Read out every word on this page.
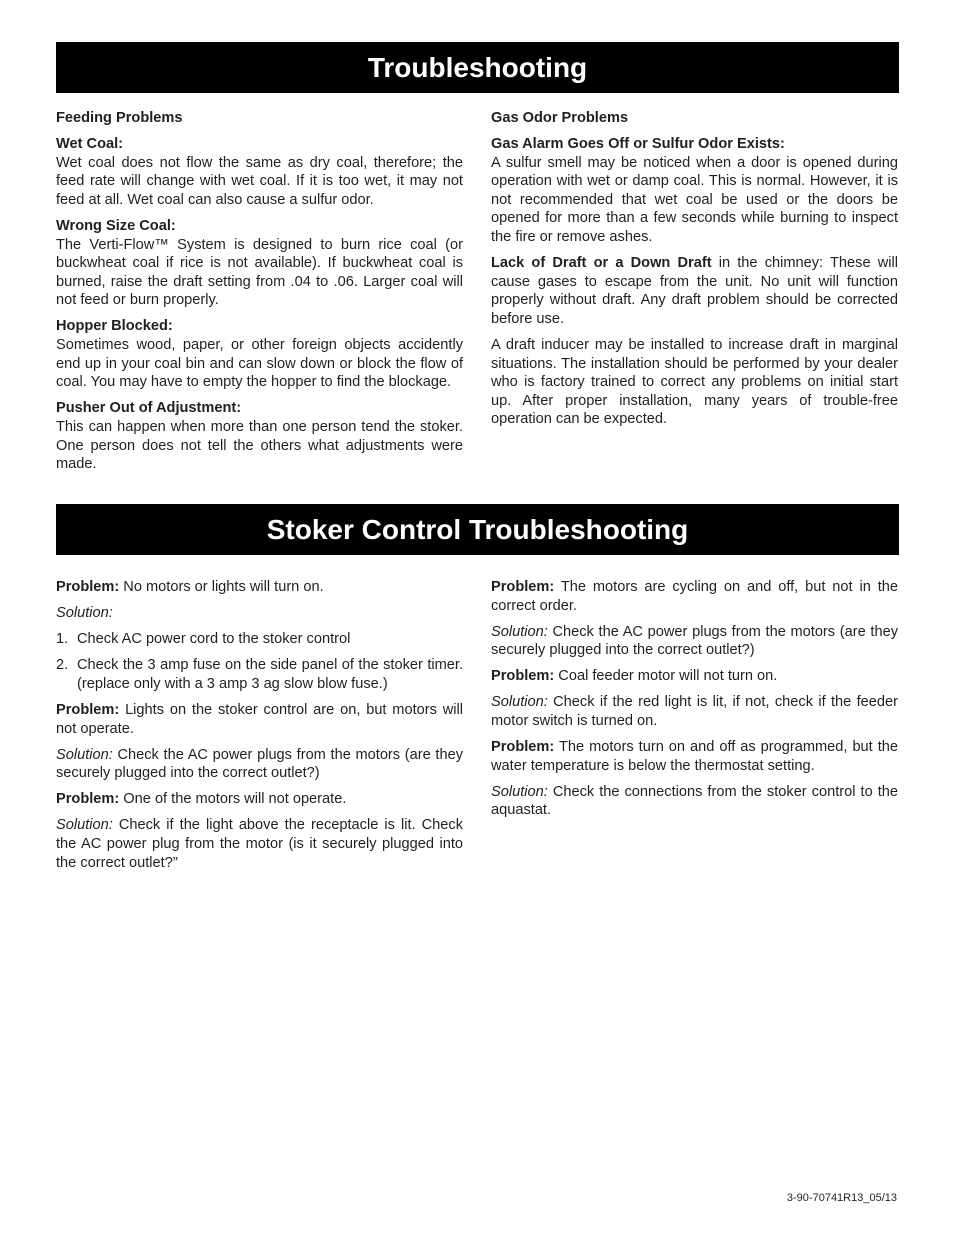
Troubleshooting

Feeding Problems

Wet Coal:
Wet coal does not flow the same as dry coal, therefore; the feed rate will change with wet coal. If it is too wet, it may not feed at all. Wet coal can also cause a sulfur odor.

Wrong Size Coal:
The Verti-Flow™ System is designed to burn rice coal (or buckwheat coal if rice is not available). If buckwheat coal is burned, raise the draft setting from .04 to .06. Larger coal will not feed or burn properly.

Hopper Blocked:
Sometimes wood, paper, or other foreign objects accidently end up in your coal bin and can slow down or block the flow of coal. You may have to empty the hopper to find the blockage.

Pusher Out of Adjustment:
This can happen when more than one person tend the stoker. One person does not tell the others what adjustments were made.

Gas Odor Problems

Gas Alarm Goes Off or Sulfur Odor Exists:
A sulfur smell may be noticed when a door is opened during operation with wet or damp coal. This is normal. However, it is not recommended that wet coal be used or the doors be opened for more than a few seconds while burning to inspect the fire or remove ashes.

Lack of Draft or a Down Draft in the chimney: These will cause gases to escape from the unit. No unit will function properly without draft. Any draft problem should be corrected before use.

A draft inducer may be installed to increase draft in marginal situations. The installation should be performed by your dealer who is factory trained to correct any problems on initial start up. After proper installation, many years of trouble-free operation can be expected.

Stoker Control Troubleshooting

Problem: No motors or lights will turn on.

Solution:

1. Check AC power cord to the stoker control
2. Check the 3 amp fuse on the side panel of the stoker timer. (replace only with a 3 amp 3 ag slow blow fuse.)

Problem: Lights on the stoker control are on, but motors will not operate.

Solution: Check the AC power plugs from the motors (are they securely plugged into the correct outlet?)

Problem: One of the motors will not operate.

Solution: Check if the light above the receptacle is lit. Check the AC power plug from the motor (is it securely plugged into the correct outlet?”

Problem: The motors are cycling on and off, but not in the correct order.

Solution: Check the AC power plugs from the motors (are they securely plugged into the correct outlet?)

Problem: Coal feeder motor will not turn on.

Solution: Check if the red light is lit, if not, check if the feeder motor switch is turned on.

Problem: The motors turn on and off as programmed, but the water temperature is below the thermostat setting.

Solution: Check the connections from the stoker control to the aquastat.

3-90-70741R13_05/13
